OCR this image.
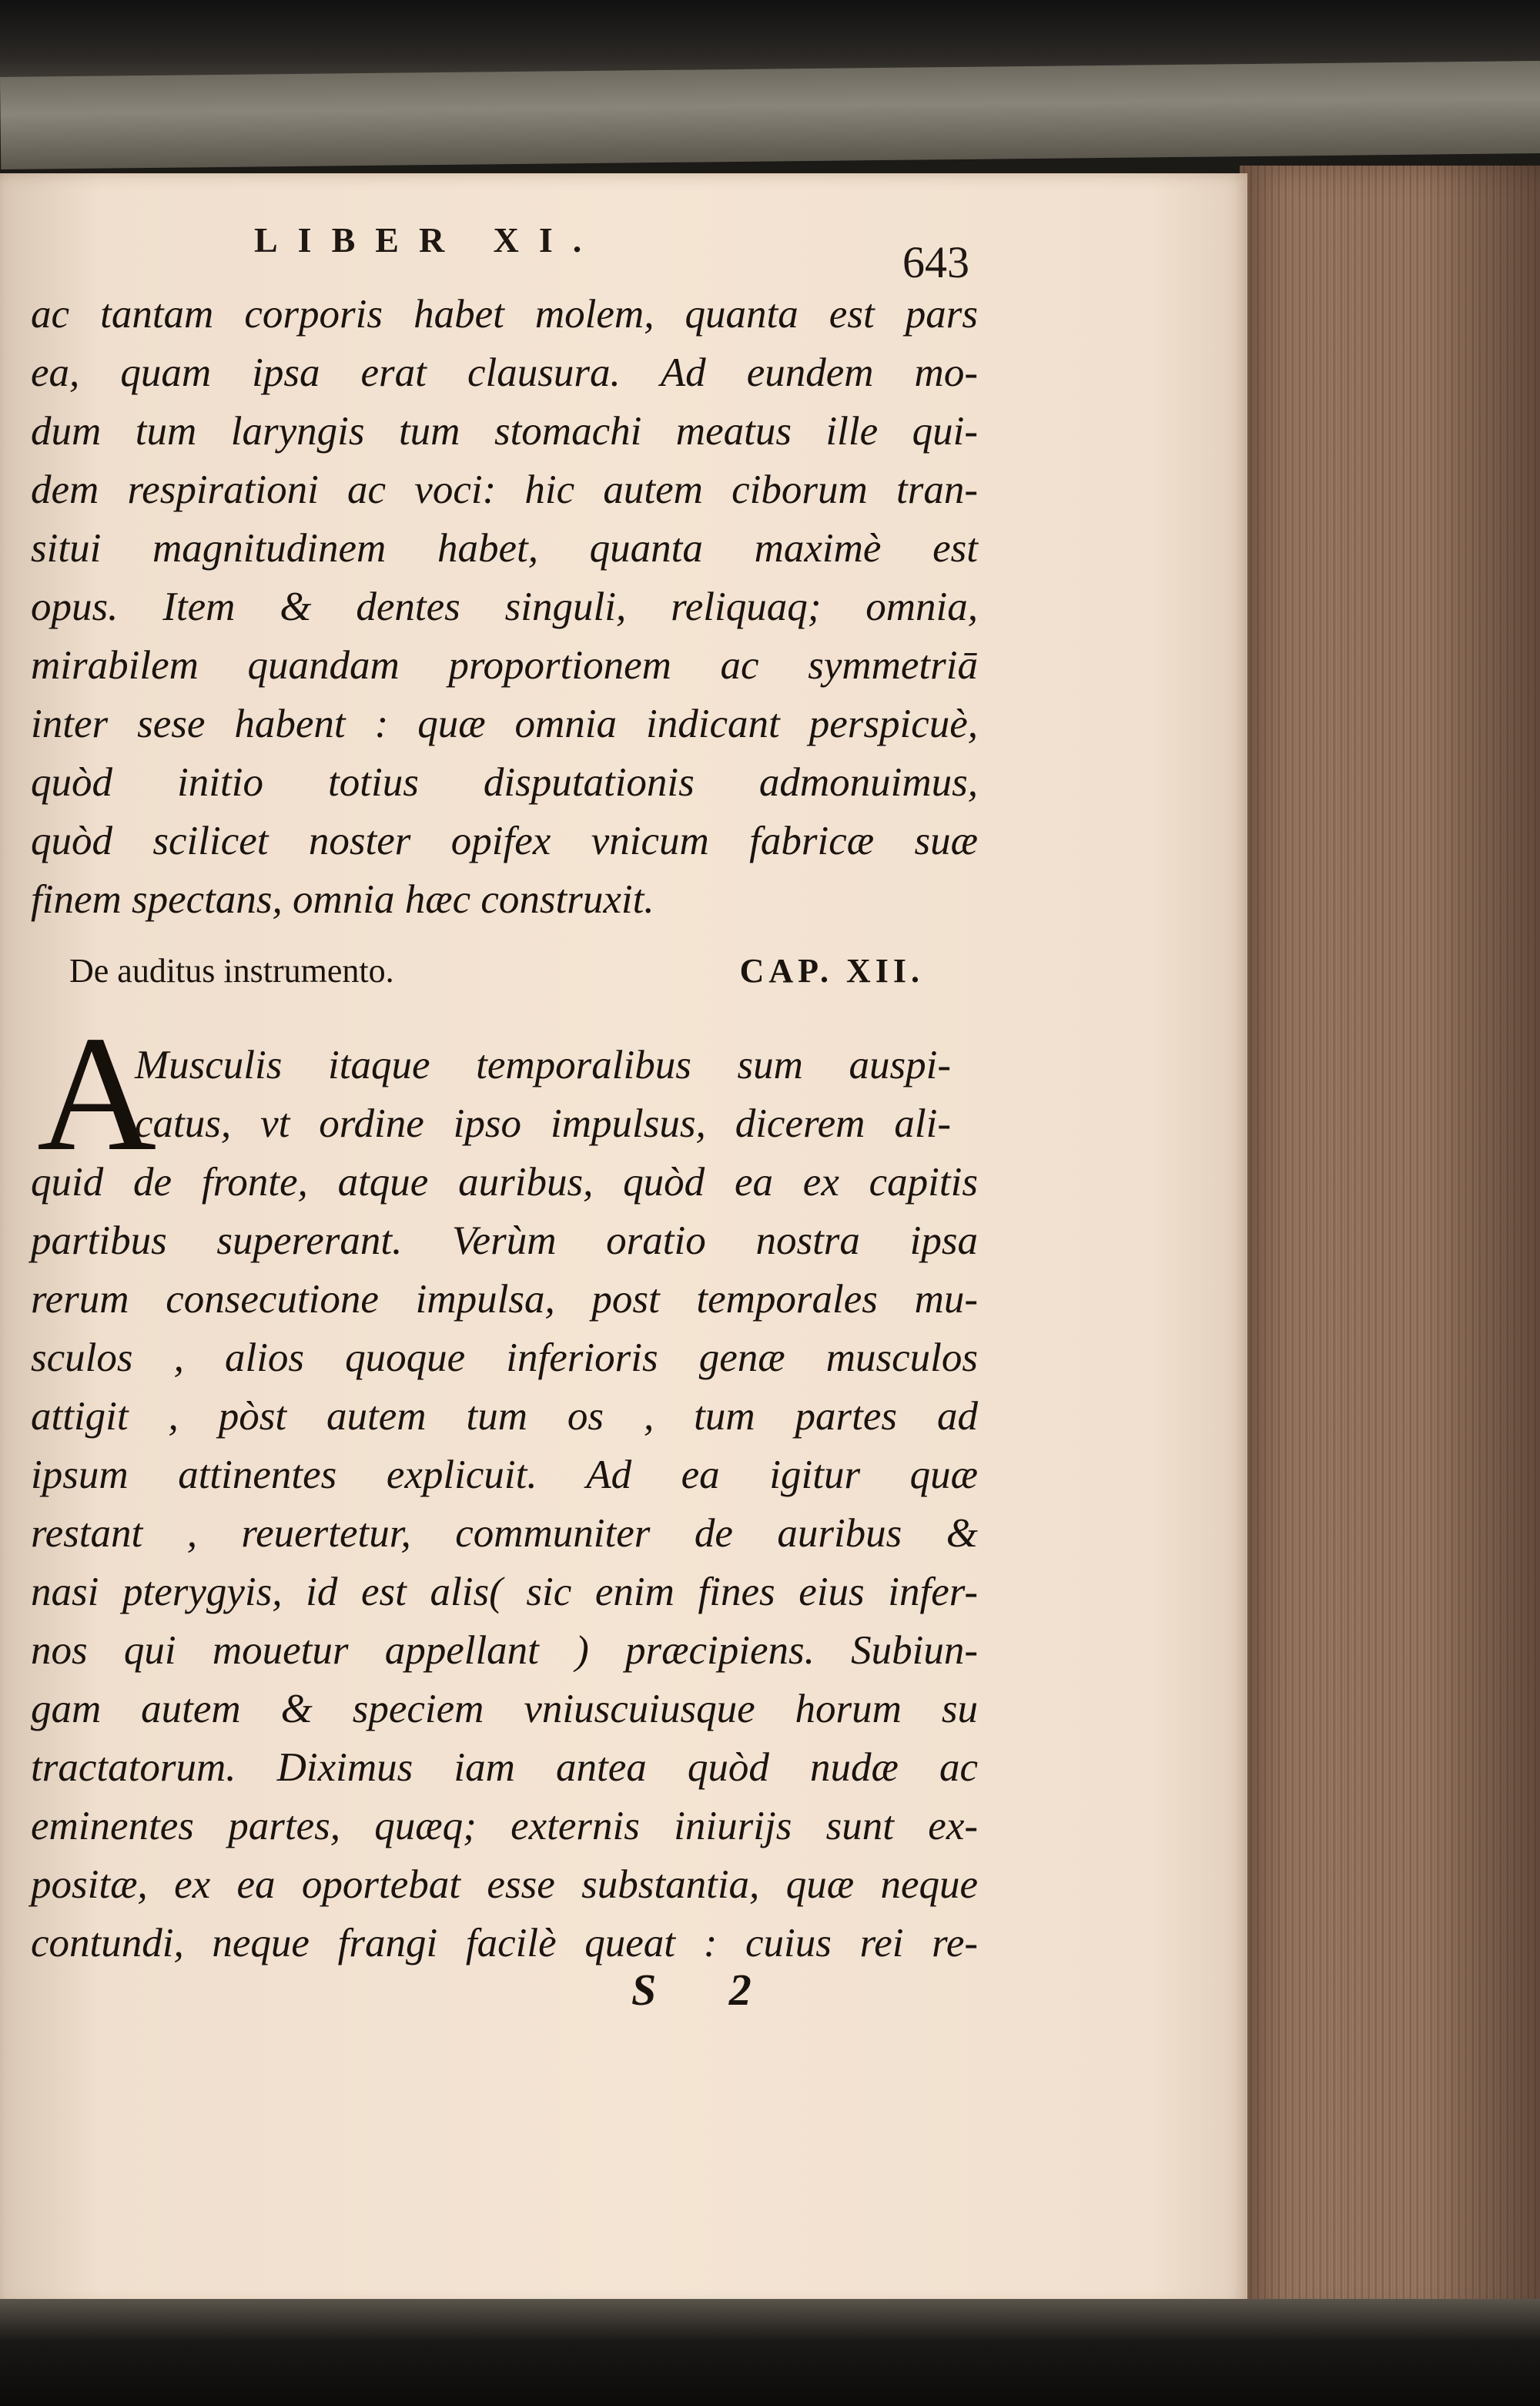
LIBER XI.	643
ac tantam corporis habet molem, quanta est pars
ea, quam ipsa erat clausura. Ad eundem mo-
dum tum laryngis tum stomachi meatus ille qui-
dem respirationi ac voci: hic autem ciborum tran-
situi magnitudinem habet, quanta maximè est
opus. Item & dentes singuli, reliquaq; omnia,
mirabilem quandam proportionem ac symmetriā
inter sese habent : quæ omnia indicant perspicuè,
quòd initio totius disputationis admonuimus,
quòd scilicet noster opifex vnicum fabricæ suæ
finem spectans, omnia hæc construxit.
De auditus instrumento.	CAP. XII.
A
Musculis itaque temporalibus sum auspi-
catus, vt ordine ipso impulsus, dicerem ali-
quid de fronte, atque auribus, quòd ea ex capitis
partibus supererant. Verùm oratio nostra ipsa
rerum consecutione impulsa, post temporales mu-
sculos , alios quoque inferioris genæ musculos
attigit , pòst autem tum os , tum partes ad
ipsum attinentes explicuit. Ad ea igitur quæ
restant , reuertetur, communiter de auribus &
nasi pterygyis, id est alis( sic enim fines eius infer-
nos qui mouetur appellant ) præcipiens. Subiun-
gam autem & speciem vniuscuiusque horum su
tractatorum. Diximus iam antea quòd nudæ ac
eminentes partes, quæq; externis iniurijs sunt ex-
positæ, ex ea oportebat esse substantia, quæ neque
contundi, neque frangi facilè queat : cuius rei re-
S 2
